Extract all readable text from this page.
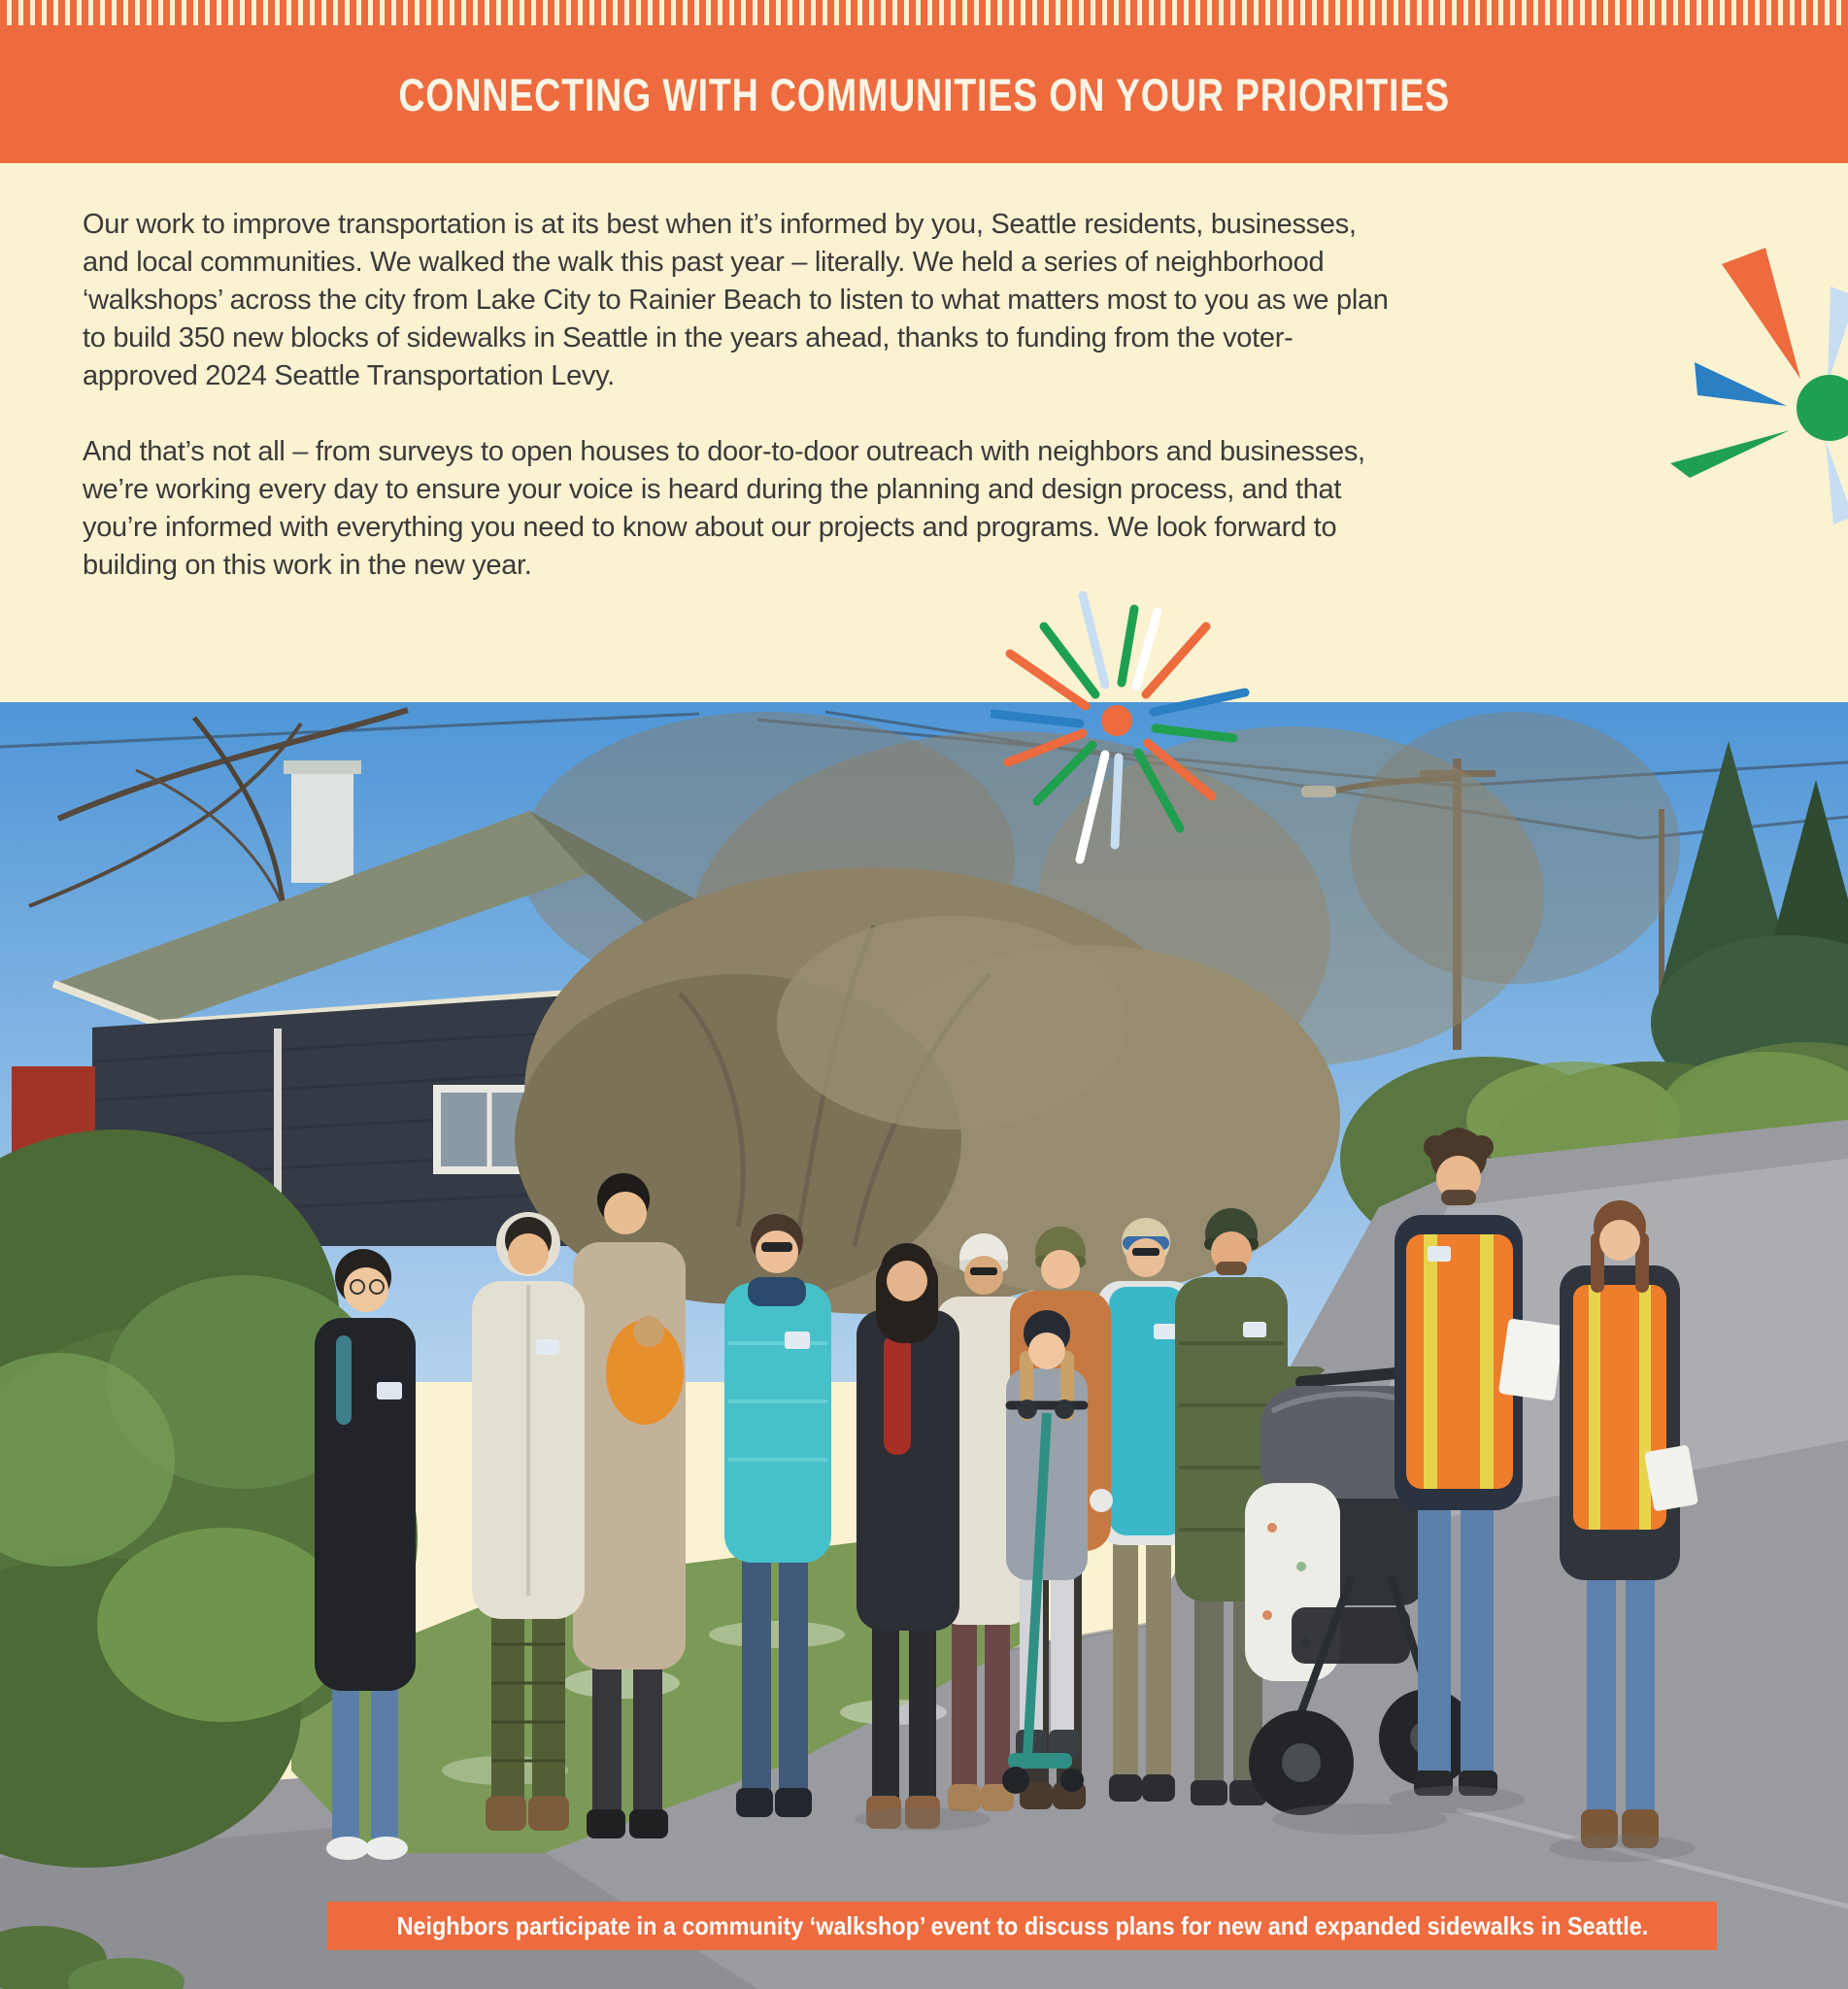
CONNECTING WITH COMMUNITIES ON YOUR PRIORITIES

Our work to improve transportation is at its best when it’s informed by you, Seattle residents, businesses, and local communities. We walked the walk this past year – literally. We held a series of neighborhood ‘walkshops’ across the city from Lake City to Rainier Beach to listen to what matters most to you as we plan to build 350 new blocks of sidewalks in Seattle in the years ahead, thanks to funding from the voter-approved 2024 Seattle Transportation Levy.

And that’s not all – from surveys to open houses to door-to-door outreach with neighbors and businesses, we’re working every day to ensure your voice is heard during the planning and design process, and that you’re informed with everything you need to know about our projects and programs. We look forward to building on this work in the new year.

Neighbors participate in a community ‘walkshop’ event to discuss plans for new and expanded sidewalks in Seattle.
